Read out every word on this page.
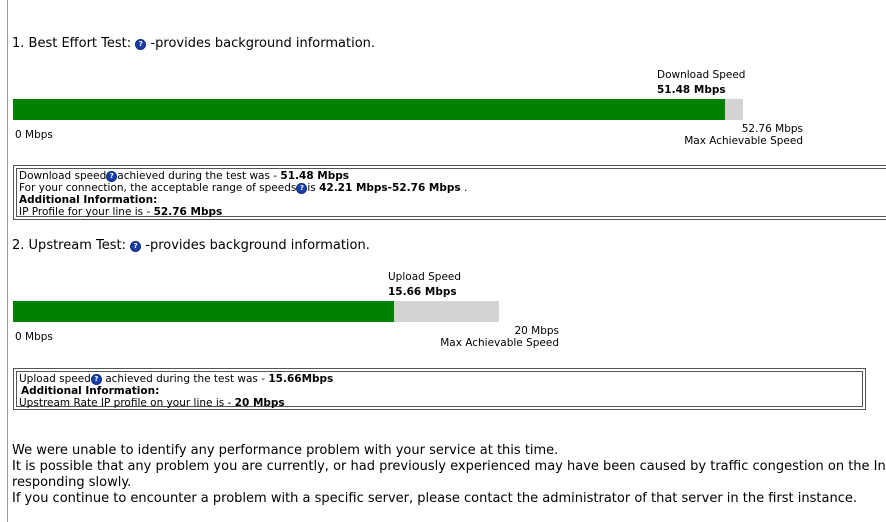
1. Best Effort Test: ? -provides background information.
Download Speed
51.48 Mbps
0 Mbps	52.76 Mbps
Max Achievable Speed
Download speed ? achieved during the test was - 51.48 Mbps
For your connection, the acceptable range of speeds ? is 42.21 Mbps-52.76 Mbps .
Additional Information:
IP Profile for your line is - 52.76 Mbps
2. Upstream Test: ? -provides background information.
Upload Speed
15.66 Mbps
0 Mbps	20 Mbps
Max Achievable Speed
Upload speed ? achieved during the test was - 15.66Mbps
Additional Information:
Upstream Rate IP profile on your line is - 20 Mbps
We were unable to identify any performance problem with your service at this time.
It is possible that any problem you are currently, or had previously experienced may have been caused by traffic congestion on the In
responding slowly.
If you continue to encounter a problem with a specific server, please contact the administrator of that server in the first instance.
